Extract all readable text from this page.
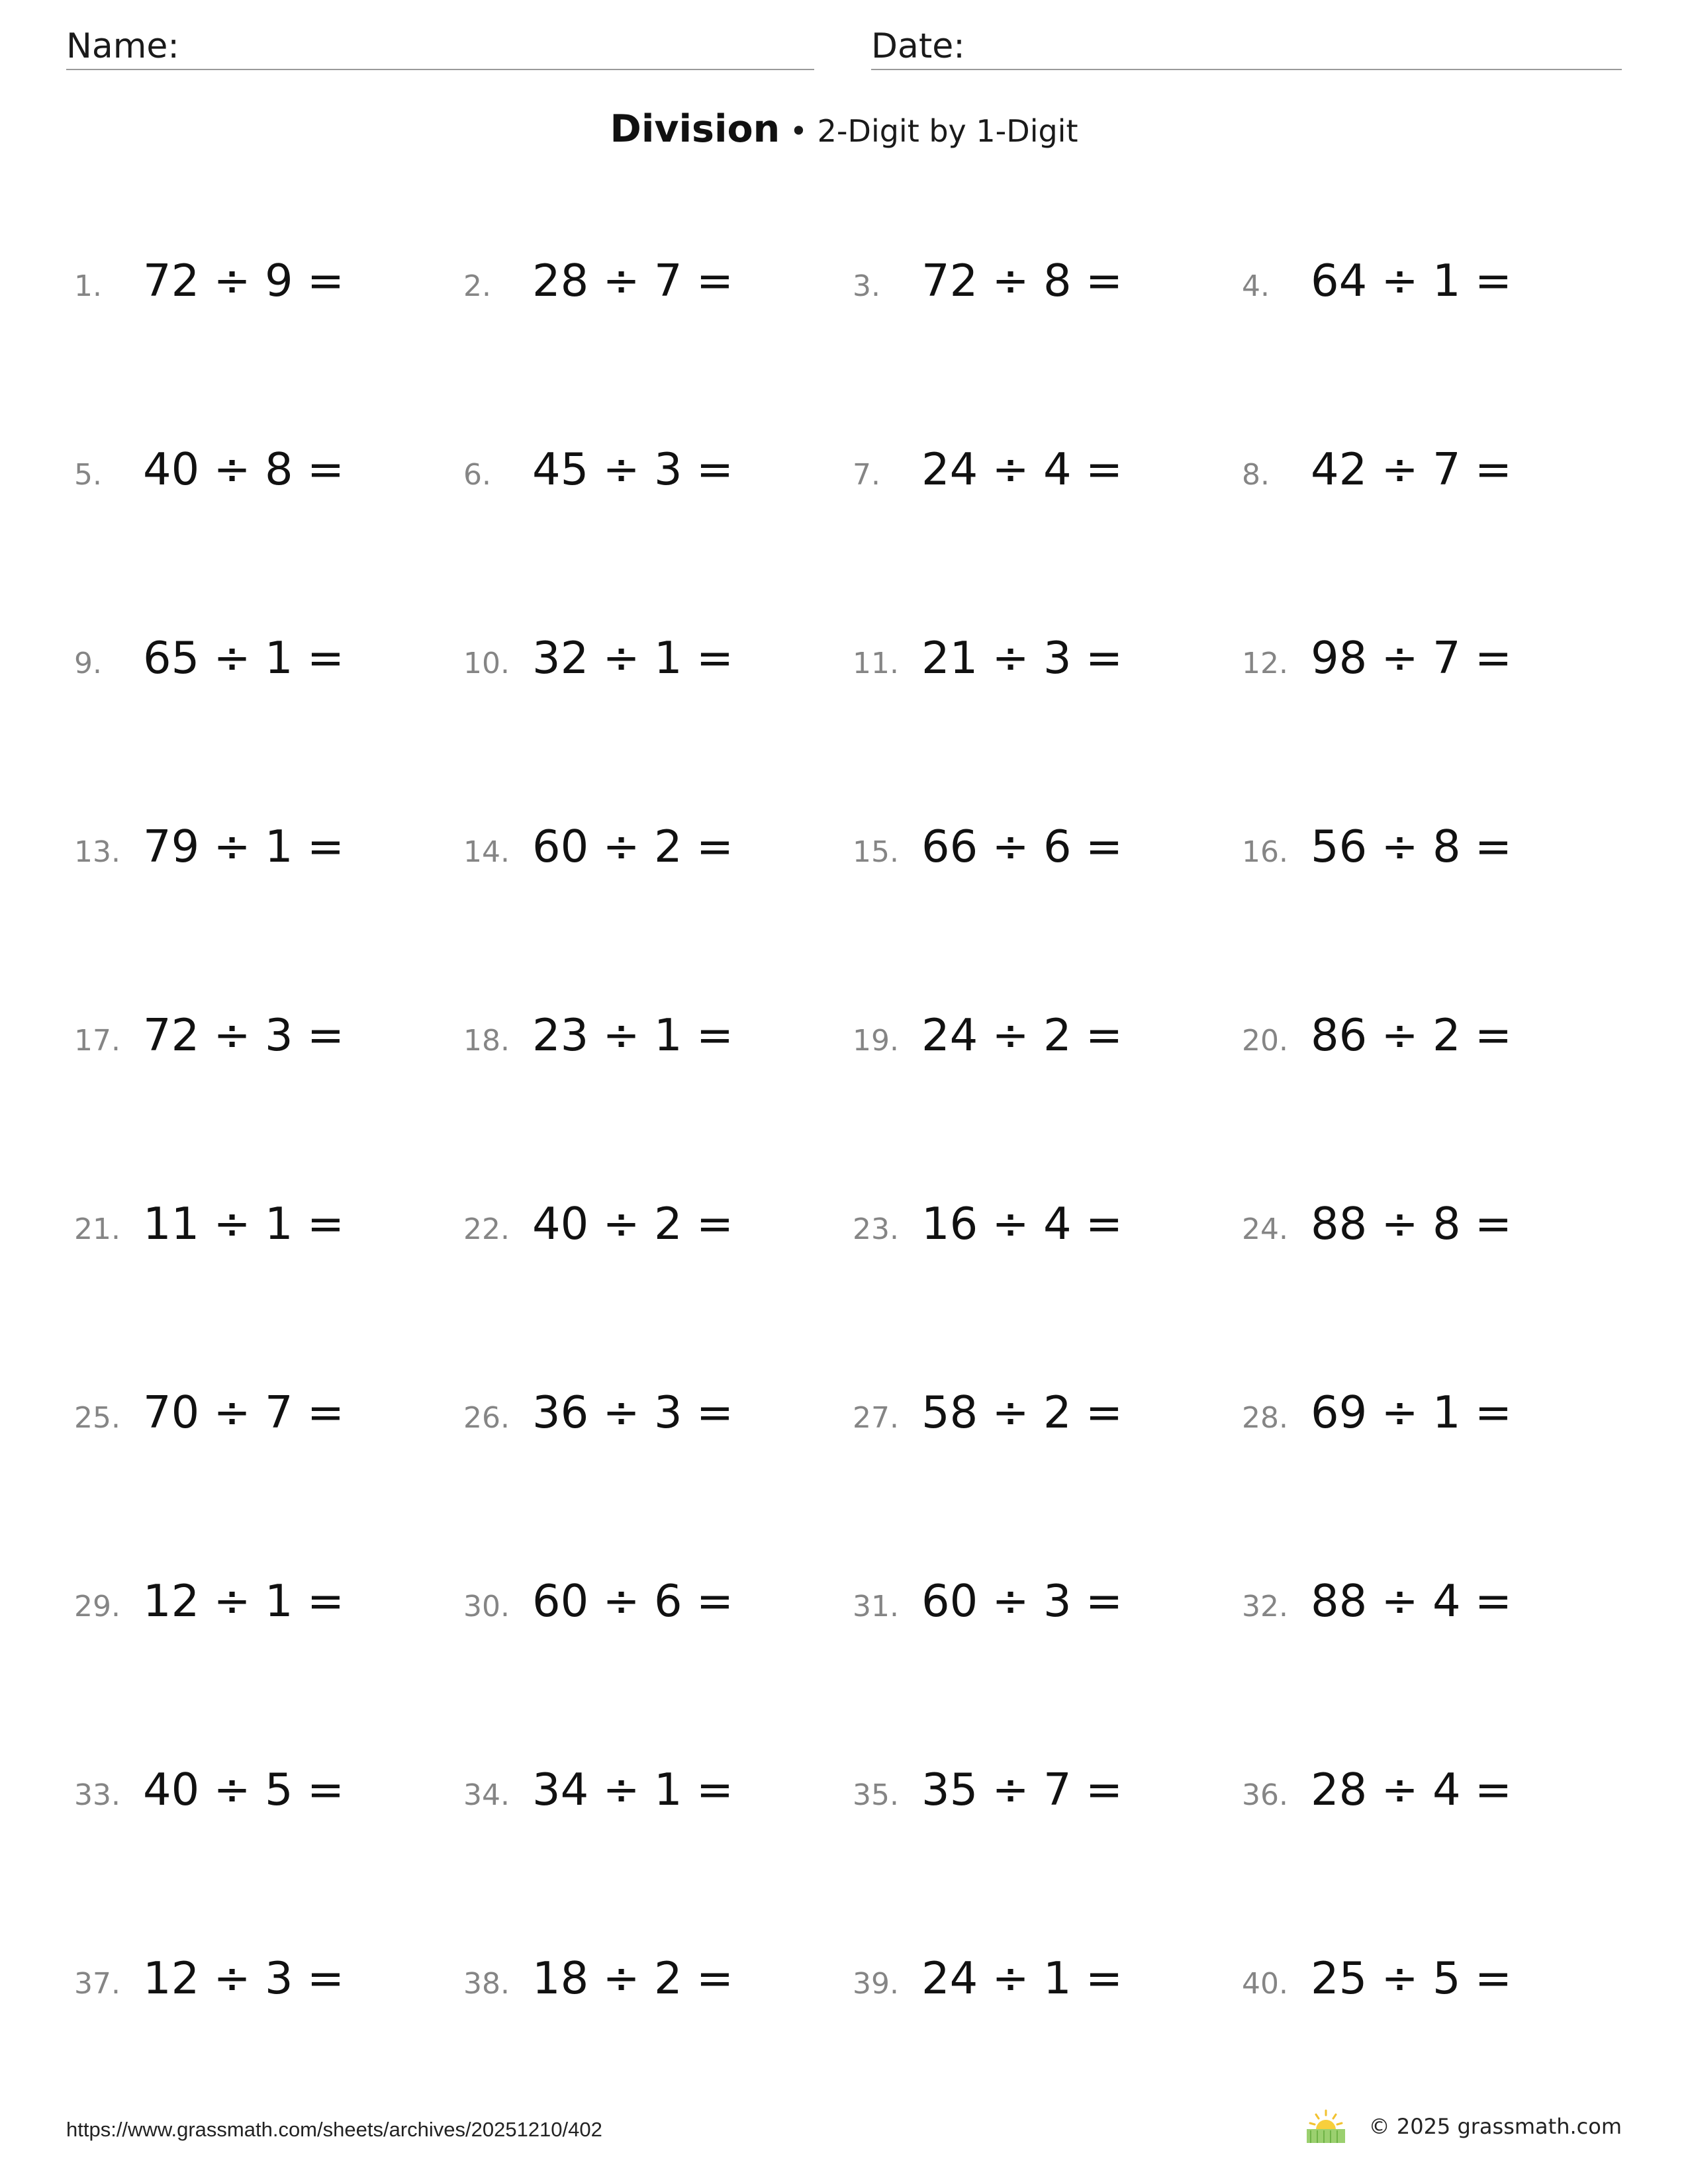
Name:	Date:
Division • 2-Digit by 1-Digit
1. 72 ÷ 9 =	2. 28 ÷ 7 =	3. 72 ÷ 8 =	4. 64 ÷ 1 =
5. 40 ÷ 8 =	6. 45 ÷ 3 =	7. 24 ÷ 4 =	8. 42 ÷ 7 =
9. 65 ÷ 1 =	10. 32 ÷ 1 =	11. 21 ÷ 3 =	12. 98 ÷ 7 =
13. 79 ÷ 1 =	14. 60 ÷ 2 =	15. 66 ÷ 6 =	16. 56 ÷ 8 =
17. 72 ÷ 3 =	18. 23 ÷ 1 =	19. 24 ÷ 2 =	20. 86 ÷ 2 =
21. 11 ÷ 1 =	22. 40 ÷ 2 =	23. 16 ÷ 4 =	24. 88 ÷ 8 =
25. 70 ÷ 7 =	26. 36 ÷ 3 =	27. 58 ÷ 2 =	28. 69 ÷ 1 =
29. 12 ÷ 1 =	30. 60 ÷ 6 =	31. 60 ÷ 3 =	32. 88 ÷ 4 =
33. 40 ÷ 5 =	34. 34 ÷ 1 =	35. 35 ÷ 7 =	36. 28 ÷ 4 =
37. 12 ÷ 3 =	38. 18 ÷ 2 =	39. 24 ÷ 1 =	40. 25 ÷ 5 =
https://www.grassmath.com/sheets/archives/20251210/402	© 2025 grassmath.com
